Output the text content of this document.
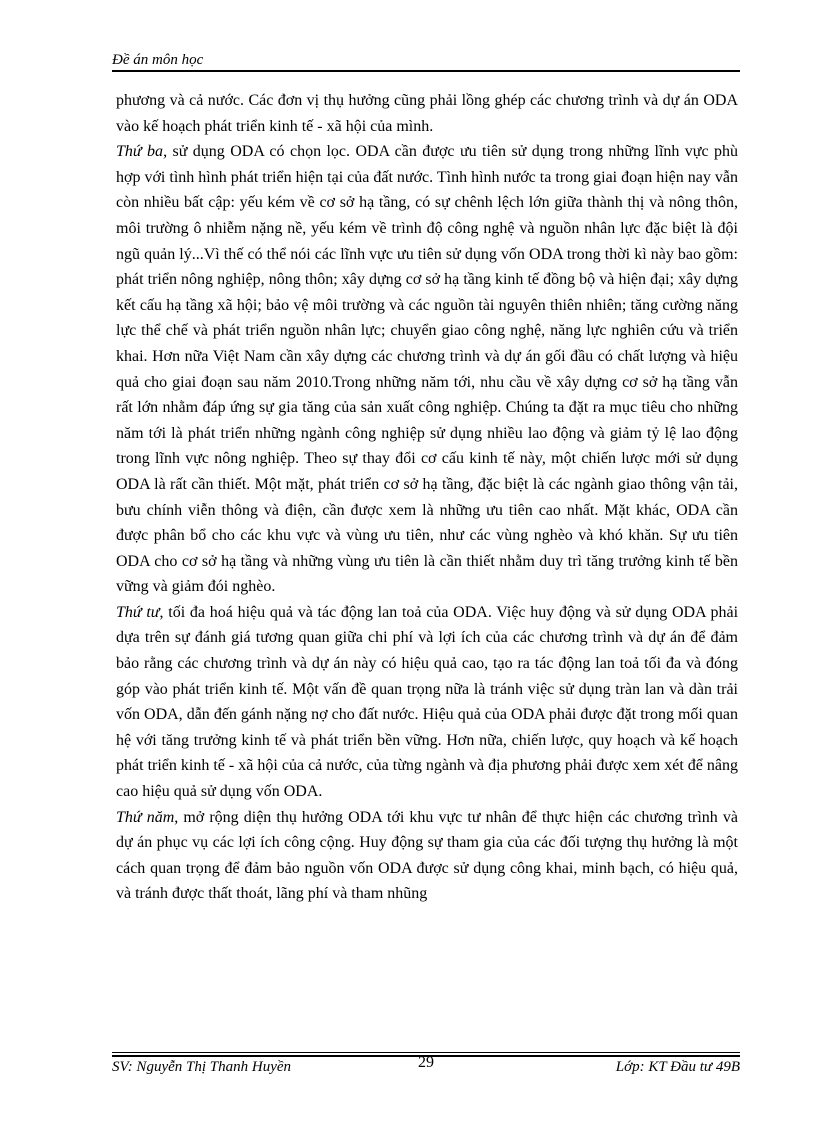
Đề án môn học

phương và cả nước. Các đơn vị thụ hưởng cũng phải lồng ghép các chương trình và dự án ODA vào kế hoạch phát triển kinh tế - xã hội của mình.

Thứ ba, sử dụng ODA có chọn lọc. ODA cần được ưu tiên sử dụng trong những lĩnh vực phù hợp với tình hình phát triển hiện tại của đất nước. Tình hình nước ta trong giai đoạn hiện nay vẫn còn nhiều bất cập: yếu kém về cơ sở hạ tầng, có sự chênh lệch lớn giữa thành thị và nông thôn, môi trường ô nhiễm nặng nề, yếu kém về trình độ công nghệ và nguồn nhân lực đặc biệt là đội ngũ quản lý...Vì thế có thể nói các lĩnh vực ưu tiên sử dụng vốn ODA trong thời kì này bao gồm: phát triển nông nghiệp, nông thôn; xây dựng cơ sở hạ tầng kinh tế đồng bộ và hiện đại; xây dựng kết cấu hạ tầng xã hội; bảo vệ môi trường và các nguồn tài nguyên thiên nhiên; tăng cường năng lực thể chế và phát triển nguồn nhân lực; chuyển giao công nghệ, năng lực nghiên cứu và triển khai. Hơn nữa Việt Nam cần xây dựng các chương trình và dự án gối đầu có chất lượng và hiệu quả cho giai đoạn sau năm 2010.Trong những năm tới, nhu cầu về xây dựng cơ sở hạ tầng vẫn rất lớn nhằm đáp ứng sự gia tăng của sản xuất công nghiệp. Chúng ta đặt ra mục tiêu cho những năm tới là phát triển những ngành công nghiệp sử dụng nhiều lao động và giảm tỷ lệ lao động trong lĩnh vực nông nghiệp. Theo sự thay đổi cơ cấu kinh tế này, một chiến lược mới sử dụng ODA là rất cần thiết. Một mặt, phát triển cơ sở hạ tầng, đặc biệt là các ngành giao thông vận tải, bưu chính viễn thông và điện, cần được xem là những ưu tiên cao nhất. Mặt khác, ODA cần được phân bổ cho các khu vực và vùng ưu tiên, như các vùng nghèo và khó khăn. Sự ưu tiên ODA cho cơ sở hạ tầng và những vùng ưu tiên là cần thiết nhằm duy trì tăng trưởng kinh tế bền vững và giảm đói nghèo.

Thứ tư, tối đa hoá hiệu quả và tác động lan toả của ODA. Việc huy động và sử dụng ODA phải dựa trên sự đánh giá tương quan giữa chi phí và lợi ích của các chương trình và dự án để đảm bảo rằng các chương trình và dự án này có hiệu quả cao, tạo ra tác động lan toả tối đa và đóng góp vào phát triển kinh tế. Một vấn đề quan trọng nữa là tránh việc sử dụng tràn lan và dàn trải vốn ODA, dẫn đến gánh nặng nợ cho đất nước. Hiệu quả của ODA phải được đặt trong mối quan hệ với tăng trưởng kinh tế và phát triển bền vững. Hơn nữa, chiến lược, quy hoạch và kế hoạch phát triển kinh tế - xã hội của cả nước, của từng ngành và địa phương phải được xem xét để nâng cao hiệu quả sử dụng vốn ODA.

Thứ năm, mở rộng diện thụ hưởng ODA tới khu vực tư nhân để thực hiện các chương trình và dự án phục vụ các lợi ích công cộng. Huy động sự tham gia của các đối tượng thụ hưởng là một cách quan trọng để đảm bảo nguồn vốn ODA được sử dụng công khai, minh bạch, có hiệu quả, và tránh được thất thoát, lãng phí và tham nhũng

SV: Nguyễn Thị Thanh Huyền	29	Lớp: KT Đầu tư 49B
